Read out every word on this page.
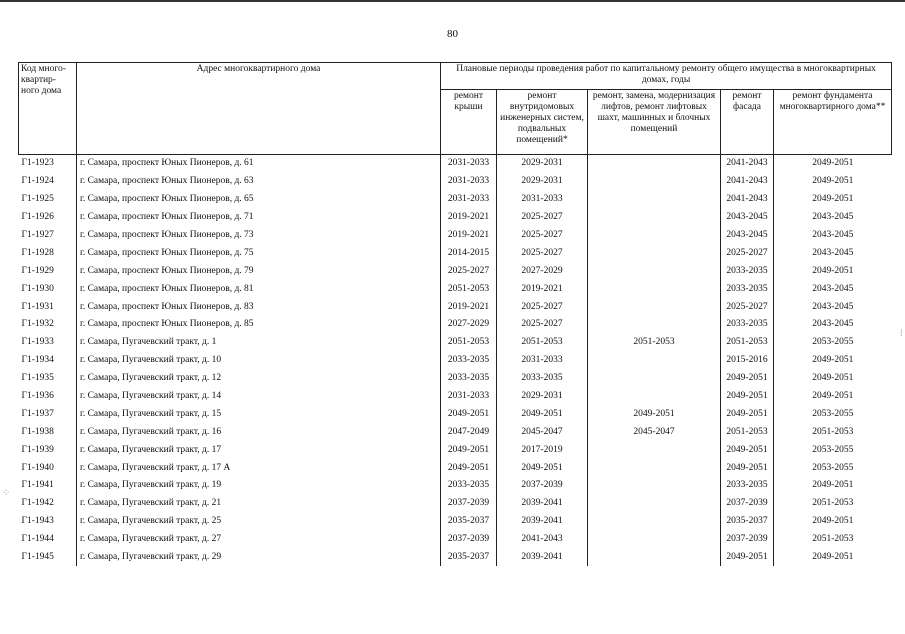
80
Код много-квартир-ного дома	Адрес многоквартирного дома	Плановые периоды проведения работ по капитальному ремонту общего имущества в многоквартирных домах, годы				
		ремонт крыши	ремонт внутридомовых инженерных систем, подвальных помещений*	ремонт, замена, модернизация лифтов, ремонт лифтовых шахт, машинных и блочных помещений	ремонт фасада	ремонт фундамента многоквартирного дома**
Г1-1923	г. Самара, проспект Юных Пионеров, д. 61	2031-2033	2029-2031		2041-2043	2049-2051
Г1-1924	г. Самара, проспект Юных Пионеров, д. 63	2031-2033	2029-2031		2041-2043	2049-2051
Г1-1925	г. Самара, проспект Юных Пионеров, д. 65	2031-2033	2031-2033		2041-2043	2049-2051
Г1-1926	г. Самара, проспект Юных Пионеров, д. 71	2019-2021	2025-2027		2043-2045	2043-2045
Г1-1927	г. Самара, проспект Юных Пионеров, д. 73	2019-2021	2025-2027		2043-2045	2043-2045
Г1-1928	г. Самара, проспект Юных Пионеров, д. 75	2014-2015	2025-2027		2025-2027	2043-2045
Г1-1929	г. Самара, проспект Юных Пионеров, д. 79	2025-2027	2027-2029		2033-2035	2049-2051
Г1-1930	г. Самара, проспект Юных Пионеров, д. 81	2051-2053	2019-2021		2033-2035	2043-2045
Г1-1931	г. Самара, проспект Юных Пионеров, д. 83	2019-2021	2025-2027		2025-2027	2043-2045
Г1-1932	г. Самара, проспект Юных Пионеров, д. 85	2027-2029	2025-2027		2033-2035	2043-2045
Г1-1933	г. Самара, Пугачевский тракт, д. 1	2051-2053	2051-2053	2051-2053	2051-2053	2053-2055
Г1-1934	г. Самара, Пугачевский тракт, д. 10	2033-2035	2031-2033		2015-2016	2049-2051
Г1-1935	г. Самара, Пугачевский тракт, д. 12	2033-2035	2033-2035		2049-2051	2049-2051
Г1-1936	г. Самара, Пугачевский тракт, д. 14	2031-2033	2029-2031		2049-2051	2049-2051
Г1-1937	г. Самара, Пугачевский тракт, д. 15	2049-2051	2049-2051	2049-2051	2049-2051	2053-2055
Г1-1938	г. Самара, Пугачевский тракт, д. 16	2047-2049	2045-2047	2045-2047	2051-2053	2051-2053
Г1-1939	г. Самара, Пугачевский тракт, д. 17	2049-2051	2017-2019		2049-2051	2053-2055
Г1-1940	г. Самара, Пугачевский тракт, д. 17 А	2049-2051	2049-2051		2049-2051	2053-2055
Г1-1941	г. Самара, Пугачевский тракт, д. 19	2033-2035	2037-2039		2033-2035	2049-2051
Г1-1942	г. Самара, Пугачевский тракт, д. 21	2037-2039	2039-2041		2037-2039	2051-2053
Г1-1943	г. Самара, Пугачевский тракт, д. 25	2035-2037	2039-2041		2035-2037	2049-2051
Г1-1944	г. Самара, Пугачевский тракт, д. 27	2037-2039	2041-2043		2037-2039	2051-2053
Г1-1945	г. Самара, Пугачевский тракт, д. 29	2035-2037	2039-2041		2049-2051	2049-2051
⁘
⁝
